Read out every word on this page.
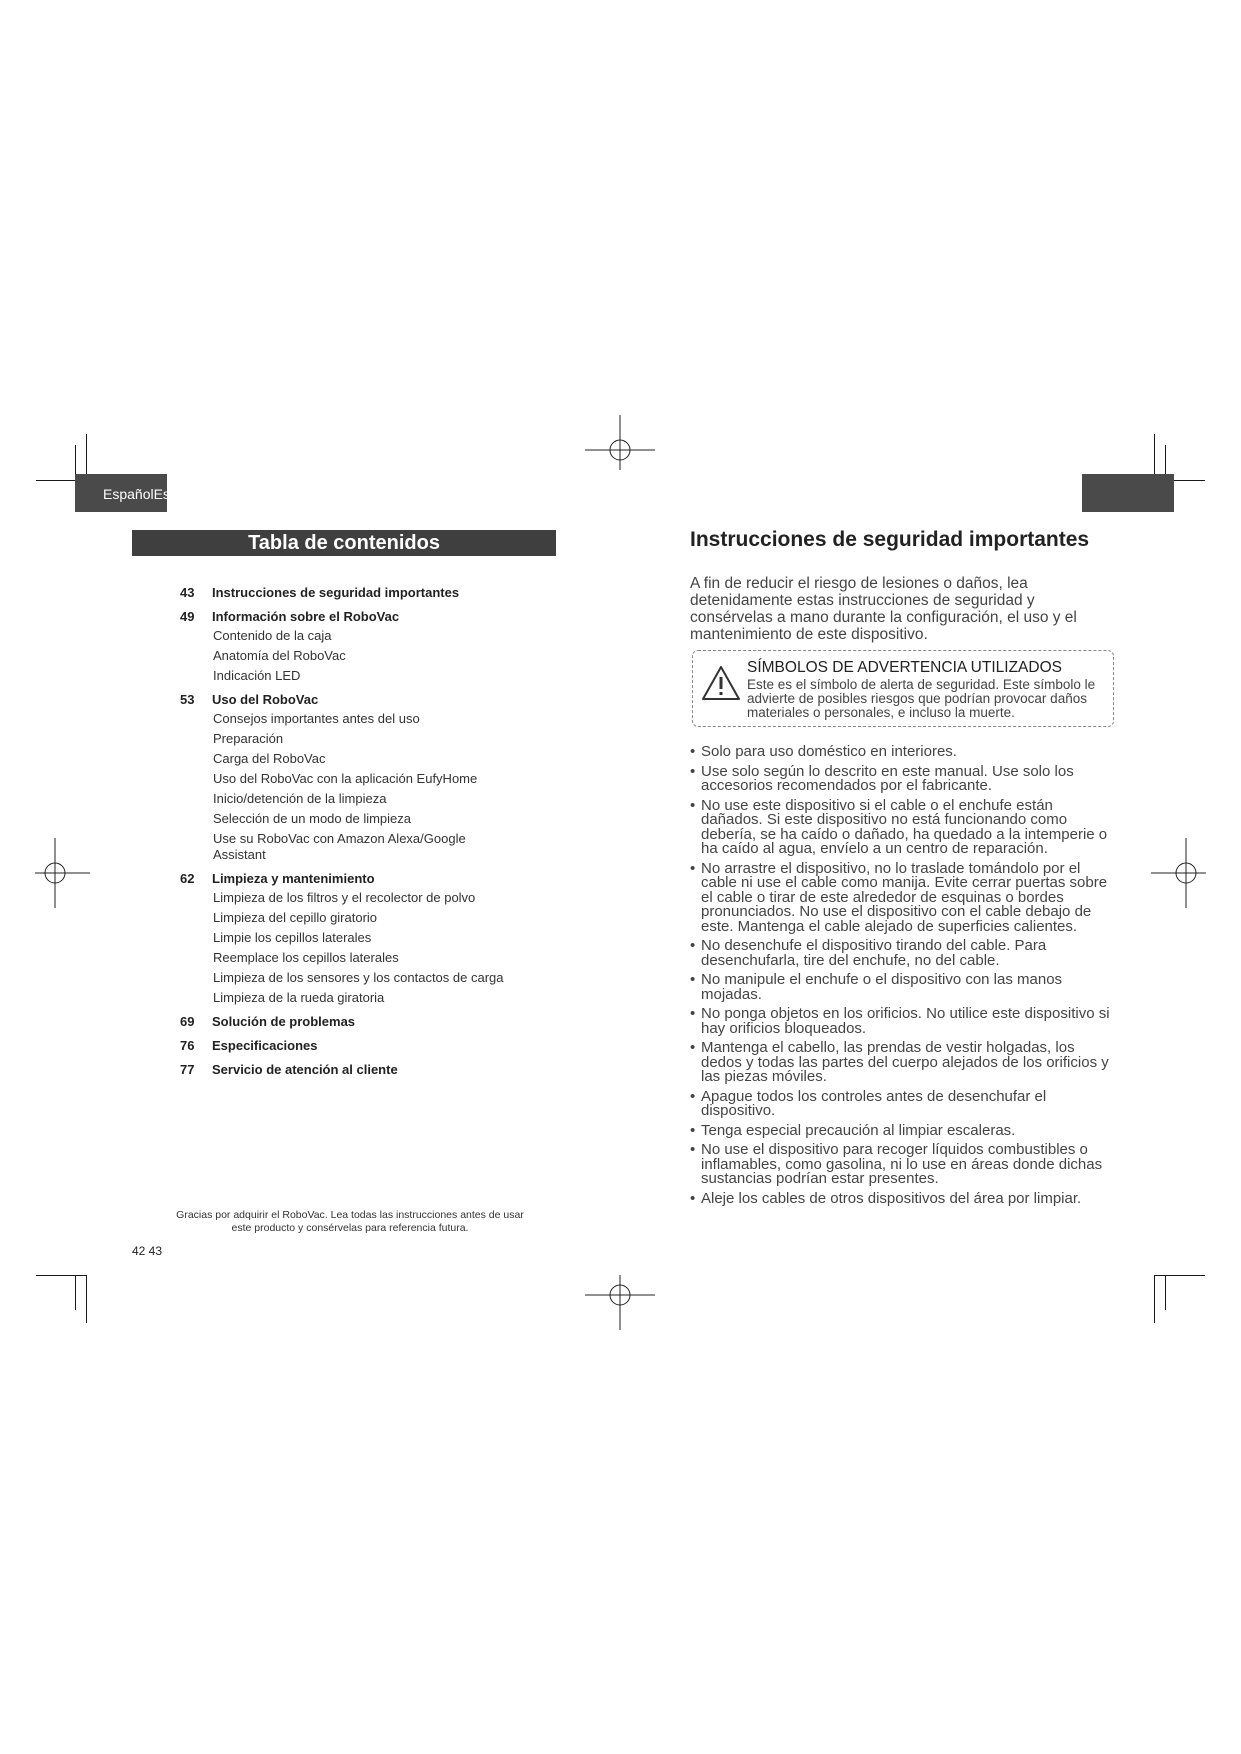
EspañolEspañol
Tabla de contenidos
43	Instrucciones de seguridad importantes
49	Información sobre el RoboVac
Contenido de la caja
Anatomía del RoboVac
Indicación LED
53	Uso del RoboVac
Consejos importantes antes del uso
Preparación
Carga del RoboVac
Uso del RoboVac con la aplicación EufyHome
Inicio/detención de la limpieza
Selección de un modo de limpieza
Use su RoboVac con Amazon Alexa/Google Assistant
62	Limpieza y mantenimiento
Limpieza de los filtros y el recolector de polvo
Limpieza del cepillo giratorio
Limpie los cepillos laterales
Reemplace los cepillos laterales
Limpieza de los sensores y los contactos de carga
Limpieza de la rueda giratoria
69	Solución de problemas
76	Especificaciones
77	Servicio de atención al cliente
Gracias por adquirir el RoboVac. Lea todas las instrucciones antes de usar este producto y consérvelas para referencia futura.
42 43
Instrucciones de seguridad importantes
A fin de reducir el riesgo de lesiones o daños, lea detenidamente estas instrucciones de seguridad y consérvelas a mano durante la configuración, el uso y el mantenimiento de este dispositivo.
SÍMBOLOS DE ADVERTENCIA UTILIZADOS
Este es el símbolo de alerta de seguridad. Este símbolo le advierte de posibles riesgos que podrían provocar daños materiales o personales, e incluso la muerte.
• Solo para uso doméstico en interiores.
• Use solo según lo descrito en este manual. Use solo los accesorios recomendados por el fabricante.
• No use este dispositivo si el cable o el enchufe están dañados. Si este dispositivo no está funcionando como debería, se ha caído o dañado, ha quedado a la intemperie o ha caído al agua, envíelo a un centro de reparación.
• No arrastre el dispositivo, no lo traslade tomándolo por el cable ni use el cable como manija. Evite cerrar puertas sobre el cable o tirar de este alrededor de esquinas o bordes pronunciados. No use el dispositivo con el cable debajo de este. Mantenga el cable alejado de superficies calientes.
• No desenchufe el dispositivo tirando del cable. Para desenchufarla, tire del enchufe, no del cable.
• No manipule el enchufe o el dispositivo con las manos mojadas.
• No ponga objetos en los orificios. No utilice este dispositivo si hay orificios bloqueados.
• Mantenga el cabello, las prendas de vestir holgadas, los dedos y todas las partes del cuerpo alejados de los orificios y las piezas móviles.
• Apague todos los controles antes de desenchufar el dispositivo.
• Tenga especial precaución al limpiar escaleras.
• No use el dispositivo para recoger líquidos combustibles o inflamables, como gasolina, ni lo use en áreas donde dichas sustancias podrían estar presentes.
• Aleje los cables de otros dispositivos del área por limpiar.
